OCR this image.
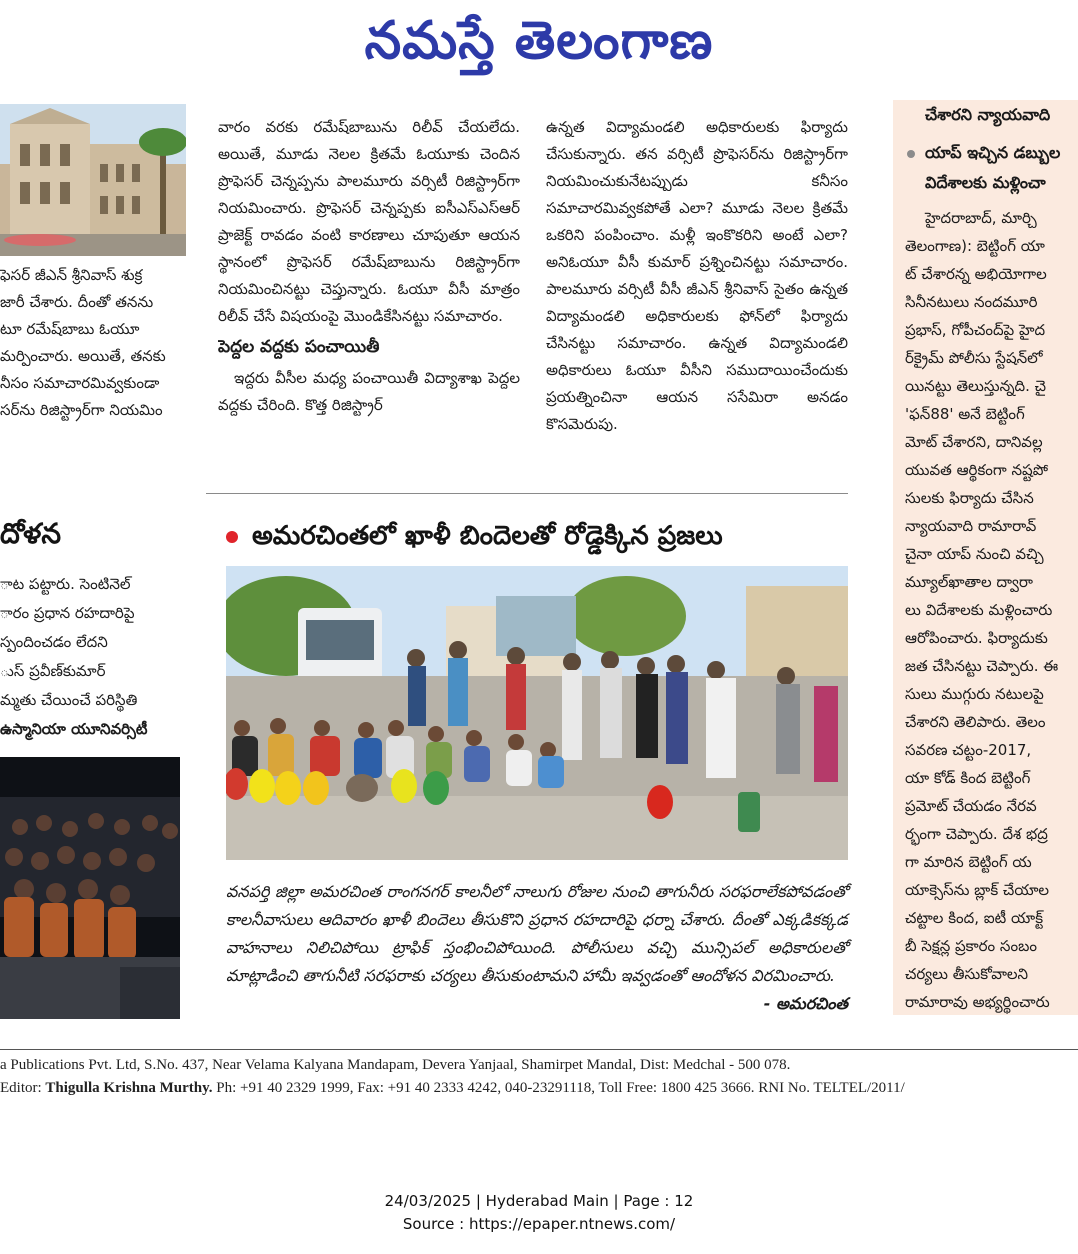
నమస్తే తెలంగాణ

ఫెసర్ జీఎన్ శ్రీనివాస్ శుక్ర

జారీ చేశారు. దీంతో తనను

టూ రమేష్‌బాబు ఓయూ

మర్పించారు. అయితే, తనకు

నీసం సమాచారమివ్వకుండా

సర్‌ను రిజిస్ట్రార్‌గా నియమిం

వారం వరకు రమేష్‌బాబును రిలీవ్ చేయలేదు. అయితే, మూడు నెలల క్రితమే ఓయూకు చెందిన ప్రొఫెసర్ చెన్నప్పను పాలమూరు వర్సిటీ రిజిస్ట్రార్‌గా నియమించారు. ప్రొఫెసర్ చెన్నప్పకు ఐసీఎస్‌ఎస్‌ఆర్ ప్రాజెక్ట్ రావడం వంటి కారణాలు చూపుతూ ఆయన స్థానంలో ప్రొఫెసర్ రమేష్‌బాబును రిజిస్ట్రార్‌గా నియమించినట్టు చెప్తున్నారు. ఓయూ వీసీ మాత్రం రిలీవ్ చేసే విషయంపై మొండికేసినట్టు సమాచారం.

పెద్దల వద్దకు పంచాయితీ

ఇద్దరు వీసీల మధ్య పంచాయితీ విద్యాశాఖ పెద్దల వద్దకు చేరింది. కొత్త రిజిస్ట్రార్

ఉన్నత విద్యామండలి అధికారులకు ఫిర్యాదు చేసుకున్నారు. తన వర్సిటీ ప్రొఫెసర్‌ను రిజిస్ట్రార్‌గా నియమించుకునేటప్పుడు కనీసం సమాచారమివ్వకపోతే ఎలా? మూడు నెలల క్రితమే ఒకరిని పంపించాం. మళ్లీ ఇంకొకరిని అంటే ఎలా? అనిఓయూ వీసీ కుమార్ ప్రశ్నించినట్టు సమాచారం. పాలమూరు వర్సిటీ వీసీ జీఎన్ శ్రీనివాస్ సైతం ఉన్నత విద్యామండలి అధికారులకు ఫోన్‌లో ఫిర్యాదు చేసినట్టు సమాచారం. ఉన్నత విద్యామండలి అధికారులు ఓయూ వీసీని సముదాయించేందుకు ప్రయత్నించినా ఆయన ససేమిరా అనడం కొసమెరుపు.

దోళన

ాట పట్టారు. సెంటినెల్

ారం ప్రధాన రహదారిపై

స్పందించడం లేదని

ుస్ ప్రవీణ్‌కుమార్

మ్మతు చేయించే పరిస్థితి

ఉస్మానియా యూనివర్సిటీ

అమరచింతలో ఖాళీ బిందెలతో రోడ్డెక్కిన ప్రజలు
వనపర్తి జిల్లా అమరచింత రాంగనగర్ కాలనీలో నాలుగు రోజుల నుంచి తాగునీరు సరఫరాలేకపోవడంతో కాలనీవాసులు ఆదివారం ఖాళీ బిందెలు తీసుకొని ప్రధాన రహదారిపై ధర్నా చేశారు. దీంతో ఎక్కడికక్కడ వాహనాలు నిలిచిపోయి ట్రాఫిక్ స్తంభించిపోయింది. పోలీసులు వచ్చి మున్సిపల్ అధికారులతో మాట్లాడించి తాగునీటి సరఫరాకు చర్యలు తీసుకుంటామని హామీ ఇవ్వడంతో ఆందోళన విరమించారు.
- అమరచింత
చేశారని న్యాయవాది
యాప్ ఇచ్చిన డబ్బుల
విదేశాలకు మళ్లించా
హైదరాబాద్, మార్చి
తెలంగాణ): బెట్టింగ్ యా
ట్ చేశారన్న అభియోగాల
సినీనటులు నందమూరి
ప్రభాస్, గోపీచంద్‌పై హైద
ర్‌క్రైమ్ పోలీసు స్టేషన్‌లో
యినట్టు తెలుస్తున్నది. చై
'ఫన్88' అనే బెట్టింగ్
మోట్ చేశారని, దానివల్ల
యువత ఆర్థికంగా నష్టపో
సులకు ఫిర్యాదు చేసిన
న్యాయవాది రామారావ్
చైనా యాప్ నుంచి వచ్చి
మ్యూల్‌ఖాతాల ద్వారా
లు విదేశాలకు మళ్లించారు
ఆరోపించారు. ఫిర్యాదుకు
జత చేసినట్టు చెప్పారు. ఈ
సులు ముగ్గురు నటులపై
చేశారని తెలిపారు. తెలం
సవరణ చట్టం-2017,
యా కోడ్ కింద బెట్టింగ్
ప్రమోట్ చేయడం నేరవ
ర్భంగా చెప్పారు. దేశ భద్ర
గా మారిన బెట్టింగ్ య
యాక్సెస్‌ను బ్లాక్ చేయాల
చట్టాల కింద, ఐటీ యాక్ట్
బీ సెక్షన్ల ప్రకారం సంబం
చర్యలు తీసుకోవాలని
రామారావు అభ్యర్థించారు
a Publications Pvt. Ltd, S.No. 437, Near Velama Kalyana Mandapam, Devera Yanjaal, Shamirpet Mandal, Dist: Medchal - 500 078.
Editor: Thigulla Krishna Murthy. Ph: +91 40 2329 1999, Fax: +91 40 2333 4242, 040-23291118, Toll Free: 1800 425 3666. RNI No. TELTEL/2011/
24/03/2025 | Hyderabad Main | Page : 12
Source : https://epaper.ntnews.com/
